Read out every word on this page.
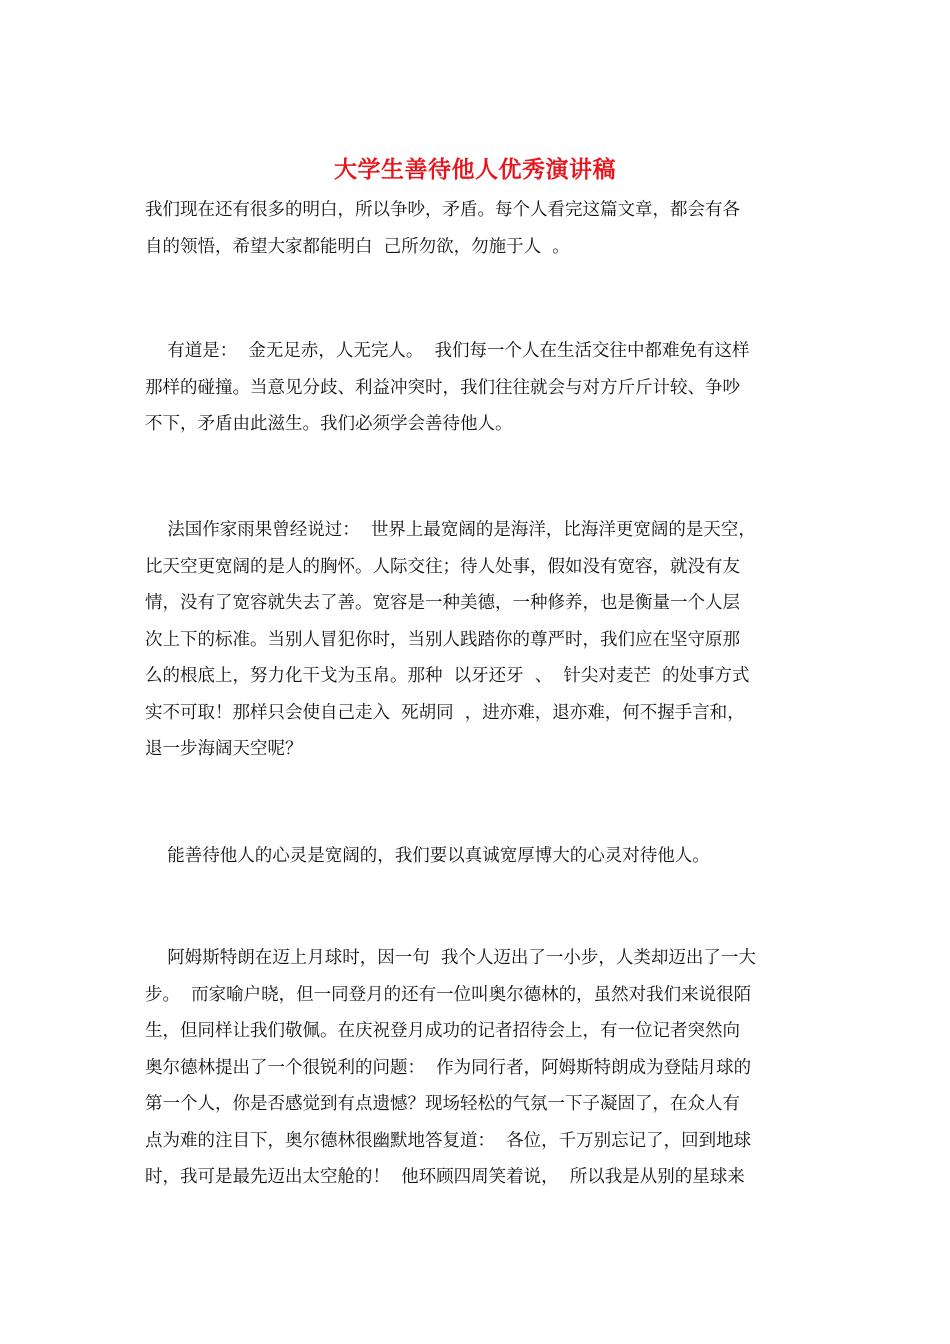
大学生善待他人优秀演讲稿
我们现在还有很多的明白，所以争吵，矛盾。每个人看完这篇文章，都会有各
自的领悟，希望大家都能明白  己所勿欲，勿施于人  。
有道是：  金无足赤，人无完人。  我们每一个人在生活交往中都难免有这样
那样的碰撞。当意见分歧、利益冲突时，我们往往就会与对方斤斤计较、争吵
不下，矛盾由此滋生。我们必须学会善待他人。
法国作家雨果曾经说过：  世界上最宽阔的是海洋，比海洋更宽阔的是天空，
比天空更宽阔的是人的胸怀。人际交往；待人处事，假如没有宽容，就没有友
情，没有了宽容就失去了善。宽容是一种美德，一种修养，也是衡量一个人层
次上下的标准。当别人冒犯你时，当别人践踏你的尊严时，我们应在坚守原那
么的根底上，努力化干戈为玉帛。那种  以牙还牙  、  针尖对麦芒  的处事方式
实不可取！那样只会使自己走入  死胡同  ，进亦难，退亦难，何不握手言和，
退一步海阔天空呢？
能善待他人的心灵是宽阔的，我们要以真诚宽厚博大的心灵对待他人。
阿姆斯特朗在迈上月球时，因一句  我个人迈出了一小步，人类却迈出了一大
步。  而家喻户晓，但一同登月的还有一位叫奥尔德林的，虽然对我们来说很陌
生，但同样让我们敬佩。在庆祝登月成功的记者招待会上，有一位记者突然向
奥尔德林提出了一个很锐利的问题：  作为同行者，阿姆斯特朗成为登陆月球的
第一个人，你是否感觉到有点遗憾？现场轻松的气氛一下子凝固了，在众人有
点为难的注目下，奥尔德林很幽默地答复道：  各位，千万别忘记了，回到地球
时，我可是最先迈出太空舱的！  他环顾四周笑着说，  所以我是从别的星球来
